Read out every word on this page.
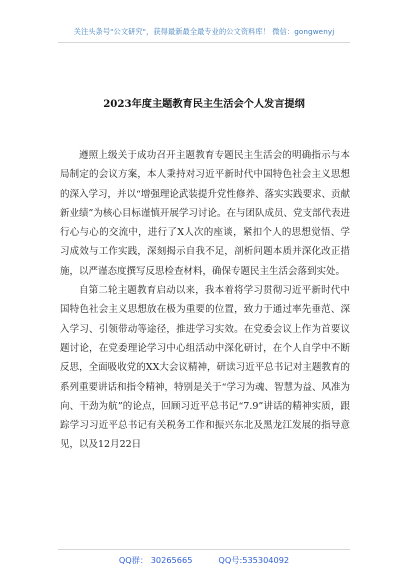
关注头条号"公文研究"，获得最新最全最专业的公文资料库！ 微信：gongwenyj
2023年度主题教育民主生活会个人发言提纲

遵照上级关于成功召开主题教育专题民主生活会的明确指示与本局制定的会议方案，本人秉持对习近平新时代中国特色社会主义思想的深入学习，并以“增强理论武装提升党性修养、落实实践要求、贡献新业绩”为核心目标谨慎开展学习讨论。在与团队成员、党支部代表进行心与心的交流中，进行了X人次的座谈，紧扣个人的思想觉悟、学习成效与工作实践，深刻揭示自我不足，剖析问题本质并深化改正措施，以严谨态度撰写反思检查材料，确保专题民主生活会落到实处。

自第二轮主题教育启动以来，我本着将学习贯彻习近平新时代中国特色社会主义思想放在极为重要的位置，致力于通过率先垂范、深入学习、引领带动等途径，推进学习实效。在党委会议上作为首要议题讨论，在党委理论学习中心组活动中深化研讨，在个人自学中不断反思，全面吸收党的XX大会议精神，研读习近平总书记对主题教育的系列重要讲话和指令精神，特别是关于“学习为魂、智慧为益、风准为向、干劲为航”的论点，回顾习近平总书记“7.9”讲话的精神实质，跟踪学习习近平总书记有关税务工作和振兴东北及黑龙江发展的指导意见，以及12月22日

QQ群： 30265665	QQ号:535304092
